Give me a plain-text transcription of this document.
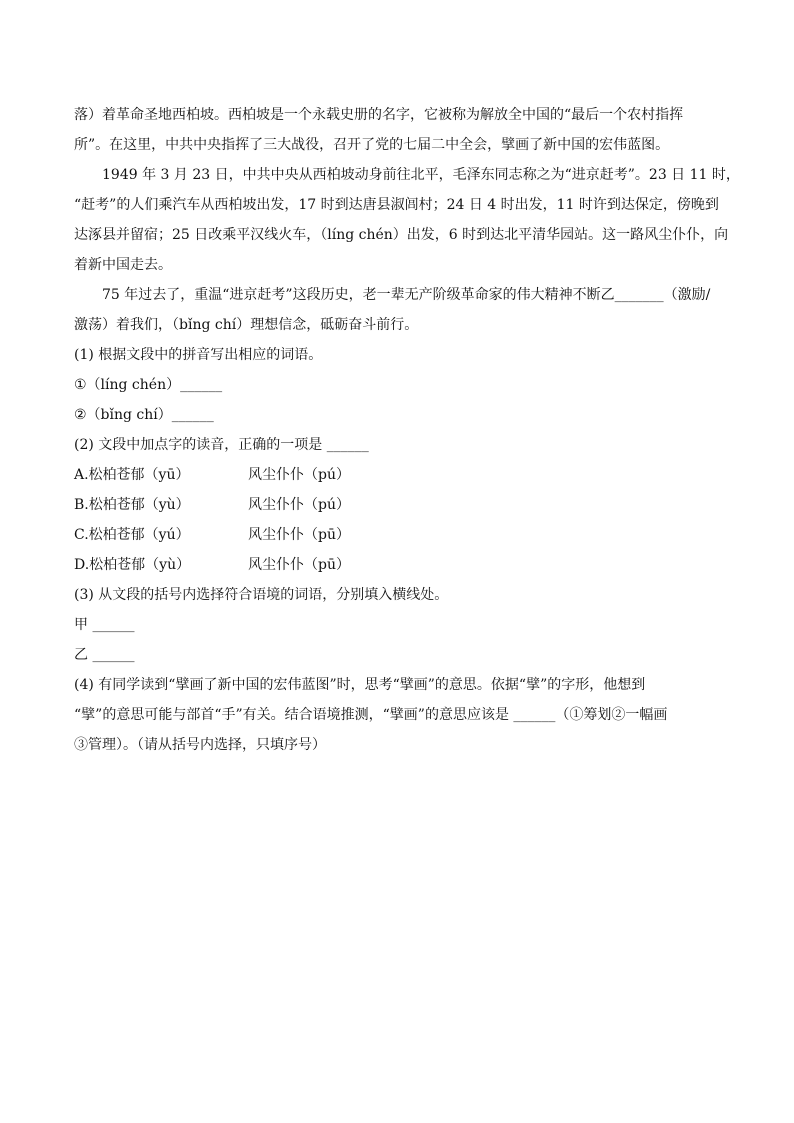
落）着革命圣地西柏坡。西柏坡是一个永载史册的名字，它被称为解放全中国的“最后一个农村指挥
所”。在这里，中共中央指挥了三大战役，召开了党的七届二中全会，擘画了新中国的宏伟蓝图。
1949 年 3 月 23 日，中共中央从西柏坡动身前往北平，毛泽东同志称之为“进京赶考”。23 日 11 时，
“赶考”的人们乘汽车从西柏坡出发，17 时到达唐县淑闾村；24 日 4 时出发，11 时许到达保定，傍晚到
达涿县并留宿；25 日改乘平汉线火车，（líng chén）出发，6 时到达北平清华园站。这一路风尘仆仆，向
着新中国走去。
75 年过去了，重温“进京赶考”这段历史，老一辈无产阶级革命家的伟大精神不断乙_______（激励/
激荡）着我们，（bǐng chí）理想信念，砥砺奋斗前行。
(1) 根据文段中的拼音写出相应的词语。
①（líng chén）______
②（bǐng chí）______
(2) 文段中加点字的读音，正确的一项是 ______
A.松柏苍郁（yū）	风尘仆仆（pú）
B.松柏苍郁（yù）	风尘仆仆（pú）
C.松柏苍郁（yú）	风尘仆仆（pū）
D.松柏苍郁（yù）	风尘仆仆（pū）
(3) 从文段的括号内选择符合语境的词语，分别填入横线处。
甲 ______
乙 ______
(4) 有同学读到“擘画了新中国的宏伟蓝图”时，思考“擘画”的意思。依据“擘”的字形，他想到
“擘”的意思可能与部首“手”有关。结合语境推测，“擘画”的意思应该是 ______（①筹划②一幅画
③管理）。（请从括号内选择，只填序号）
